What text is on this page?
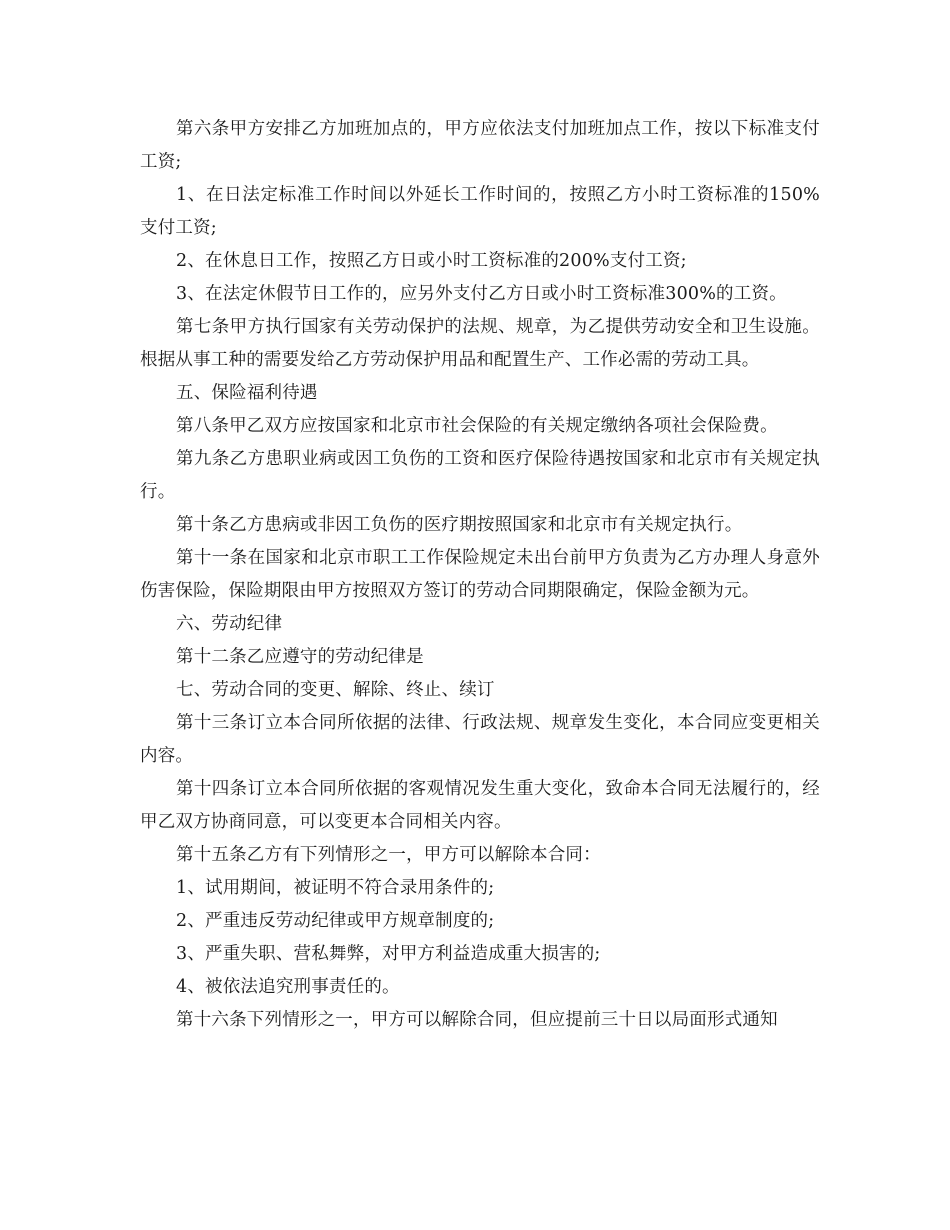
第六条甲方安排乙方加班加点的，甲方应依法支付加班加点工作，按以下标准支付工资;

1、在日法定标准工作时间以外延长工作时间的，按照乙方小时工资标准的150%支付工资;

2、在休息日工作，按照乙方日或小时工资标准的200%支付工资;

3、在法定休假节日工作的，应另外支付乙方日或小时工资标准300%的工资。

第七条甲方执行国家有关劳动保护的法规、规章，为乙提供劳动安全和卫生设施。根据从事工种的需要发给乙方劳动保护用品和配置生产、工作必需的劳动工具。

五、保险福利待遇

第八条甲乙双方应按国家和北京市社会保险的有关规定缴纳各项社会保险费。

第九条乙方患职业病或因工负伤的工资和医疗保险待遇按国家和北京市有关规定执行。

第十条乙方患病或非因工负伤的医疗期按照国家和北京市有关规定执行。

第十一条在国家和北京市职工工作保险规定未出台前甲方负责为乙方办理人身意外伤害保险，保险期限由甲方按照双方签订的劳动合同期限确定，保险金额为元。

六、劳动纪律

第十二条乙应遵守的劳动纪律是

七、劳动合同的变更、解除、终止、续订

第十三条订立本合同所依据的法律、行政法规、规章发生变化，本合同应变更相关内容。

第十四条订立本合同所依据的客观情况发生重大变化，致命本合同无法履行的，经甲乙双方协商同意，可以变更本合同相关内容。

第十五条乙方有下列情形之一，甲方可以解除本合同：

1、试用期间，被证明不符合录用条件的;

2、严重违反劳动纪律或甲方规章制度的;

3、严重失职、营私舞弊，对甲方利益造成重大损害的;

4、被依法追究刑事责任的。

第十六条下列情形之一，甲方可以解除合同，但应提前三十日以局面形式通知
